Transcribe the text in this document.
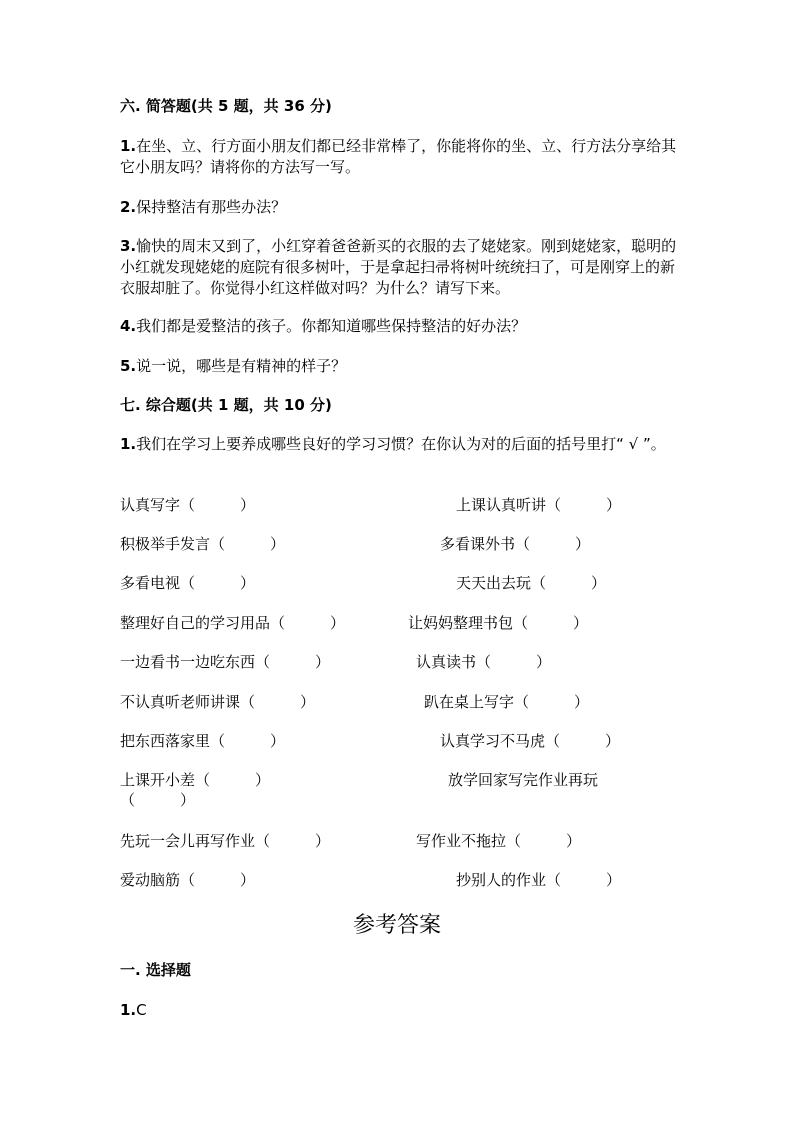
六. 简答题(共 5 题，共 36 分)
1.在坐、立、行方面小朋友们都已经非常棒了，你能将你的坐、立、行方法分享给其它小朋友吗？请将你的方法写一写。
2.保持整洁有那些办法？
3.愉快的周末又到了，小红穿着爸爸新买的衣服的去了姥姥家。刚到姥姥家，聪明的小红就发现姥姥的庭院有很多树叶，于是拿起扫帚将树叶统统扫了，可是刚穿上的新衣服却脏了。你觉得小红这样做对吗？为什么？请写下来。
4.我们都是爱整洁的孩子。你都知道哪些保持整洁的好办法？
5.说一说，哪些是有精神的样子？
七. 综合题(共 1 题，共 10 分)
1.我们在学习上要养成哪些良好的学习习惯？在你认为对的后面的括号里打“ √ ”。
认真写字（　　　）	上课认真听讲（　　　）
积极举手发言（　　　）	多看课外书（　　　）
多看电视（　　　）	天天出去玩（　　　）
整理好自己的学习用品（　　　）	让妈妈整理书包（　　　）
一边看书一边吃东西（　　　）	认真读书（　　　）
不认真听老师讲课（　　　）	趴在桌上写字（　　　）
把东西落家里（　　　）	认真学习不马虎（　　　）
上课开小差（　　　）	放学回家写完作业再玩
（　　　）
先玩一会儿再写作业（　　　）	写作业不拖拉（　　　）
爱动脑筋（　　　）	抄别人的作业（　　　）
参考答案
一. 选择题
1.C
